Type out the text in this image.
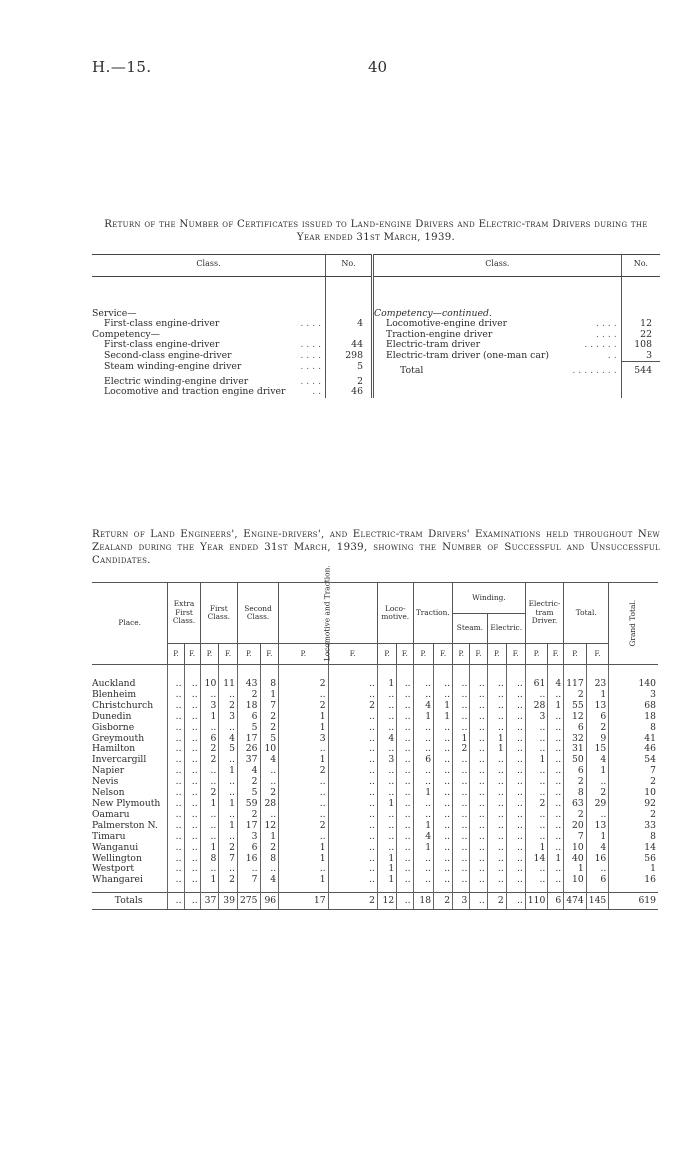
H.—15.	40
Return of the Number of Certificates issued to Land-engine Drivers and Electric-tram Drivers during the Year ended 31st March, 1939.
Class.		No.	Class.		No.
Service—			Competency—continued.		
First-class engine-driver	. . . .	4	Locomotive-engine driver	. . . .	12
Competency—			Traction-engine driver	. . . .	22
First-class engine-driver	. . . .	44	Electric-tram driver	. . . . . .	108
Second-class engine-driver	. . . .	298	Electric-tram driver (one-man car)	. .	3
Steam winding-engine driver	. . . .	5	Total	. . . . . . . .	544
Electric winding-engine driver	. . . .	2			
Locomotive and traction engine driver	. .	46			
Return of Land Engineers', Engine-drivers', and Electric-tram Drivers' Examinations held throughout New Zealand during the Year ended 31st March, 1939, showing the Number of Successful and Unsuccessful Candidates.
Place.	Extra First Class.		First Class.		Second Class.		Locomotive and Traction.		Loco- motive.		Traction.		Winding.				Electric- tram Driver.		Total.		Grand Total.
													Steam.		Electric.						
	P.	F.	P.	F.	P.	F.	P.	F.	P.	F.	P.	F.	P.	F.	P.	F.	P.	F.	P.	F.	

Auckland	..	..	10	11	43	8	2	..	1	..	..	..	..	..	..	..	61	4	117	23	140
Blenheim	..	..	..	..	2	1	..	..	..	..	..	..	..	..	..	..	..	..	2	1	3
Christchurch	..	..	3	2	18	7	2	2	..	..	4	1	..	..	..	..	28	1	55	13	68
Dunedin	..	..	1	3	6	2	1	..	..	..	1	1	..	..	..	..	3	..	12	6	18
Gisborne	..	..	..	..	5	2	1	..	..	..	..	..	..	..	..	..	..	..	6	2	8
Greymouth	..	..	6	4	17	5	3	..	4	..	..	..	1	..	1	..	..	..	32	9	41
Hamilton	..	..	2	5	26	10	..	..	..	..	..	..	2	..	1	..	..	..	31	15	46
Invercargill	..	..	2	..	37	4	1	..	3	..	6	..	..	..	..	..	1	..	50	4	54
Napier	..	..	..	1	4	..	2	..	..	..	..	..	..	..	..	..	..	..	6	1	7
Nevis	..	..	..	..	2	..	..	..	..	..	..	..	..	..	..	..	..	..	2	..	2
Nelson	..	..	2	..	5	2	..	..	..	..	1	..	..	..	..	..	..	..	8	2	10
New Plymouth	..	..	1	1	59	28	..	..	1	..	..	..	..	..	..	..	2	..	63	29	92
Oamaru	..	..	..	..	2	..	..	..	..	..	..	..	..	..	..	..	..	..	2	..	2
Palmerston N.	..	..	..	1	17	12	2	..	..	..	1	..	..	..	..	..	..	..	20	13	33
Timaru	..	..	..	..	3	1	..	..	..	..	4	..	..	..	..	..	..	..	7	1	8
Wanganui	..	..	1	2	6	2	1	..	..	..	1	..	..	..	..	..	1	..	10	4	14
Wellington	..	..	8	7	16	8	1	..	1	..	..	..	..	..	..	..	14	1	40	16	56
Westport	..	..	..	..	..	..	..	..	1	..	..	..	..	..	..	..	..	..	1	..	1
Whangarei	..	..	1	2	7	4	1	..	1	..	..	..	..	..	..	..	..	..	10	6	16

Totals	..	..	37	39	275	96	17	2	12	..	18	2	3	..	2	..	110	6	474	145	619
